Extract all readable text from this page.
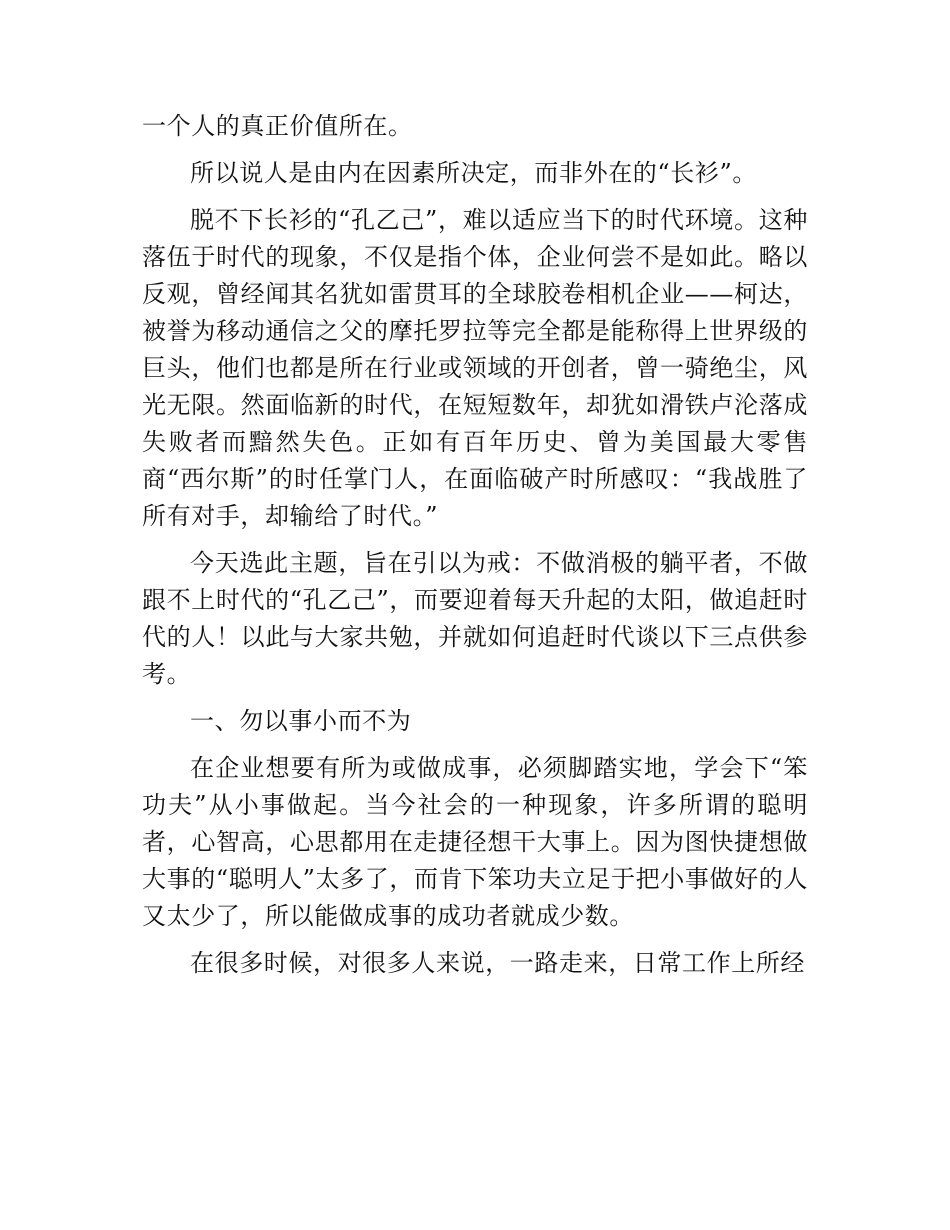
一个人的真正价值所在。

所以说人是由内在因素所决定，而非外在的“长衫”。

脱不下长衫的“孔乙己”，难以适应当下的时代环境。这种落伍于时代的现象，不仅是指个体，企业何尝不是如此。略以反观，曾经闻其名犹如雷贯耳的全球胶卷相机企业——柯达，被誉为移动通信之父的摩托罗拉等完全都是能称得上世界级的巨头，他们也都是所在行业或领域的开创者，曾一骑绝尘，风光无限。然面临新的时代，在短短数年，却犹如滑铁卢沦落成失败者而黯然失色。正如有百年历史、曾为美国最大零售商“西尔斯”的时任掌门人，在面临破产时所感叹：“我战胜了所有对手，却输给了时代。”

今天选此主题，旨在引以为戒：不做消极的躺平者，不做跟不上时代的“孔乙己”，而要迎着每天升起的太阳，做追赶时代的人！以此与大家共勉，并就如何追赶时代谈以下三点供参考。

一、勿以事小而不为

在企业想要有所为或做成事，必须脚踏实地，学会下“笨功夫”从小事做起。当今社会的一种现象，许多所谓的聪明者，心智高，心思都用在走捷径想干大事上。因为图快捷想做大事的“聪明人”太多了，而肯下笨功夫立足于把小事做好的人又太少了，所以能做成事的成功者就成少数。

在很多时候，对很多人来说，一路走来，日常工作上所经
